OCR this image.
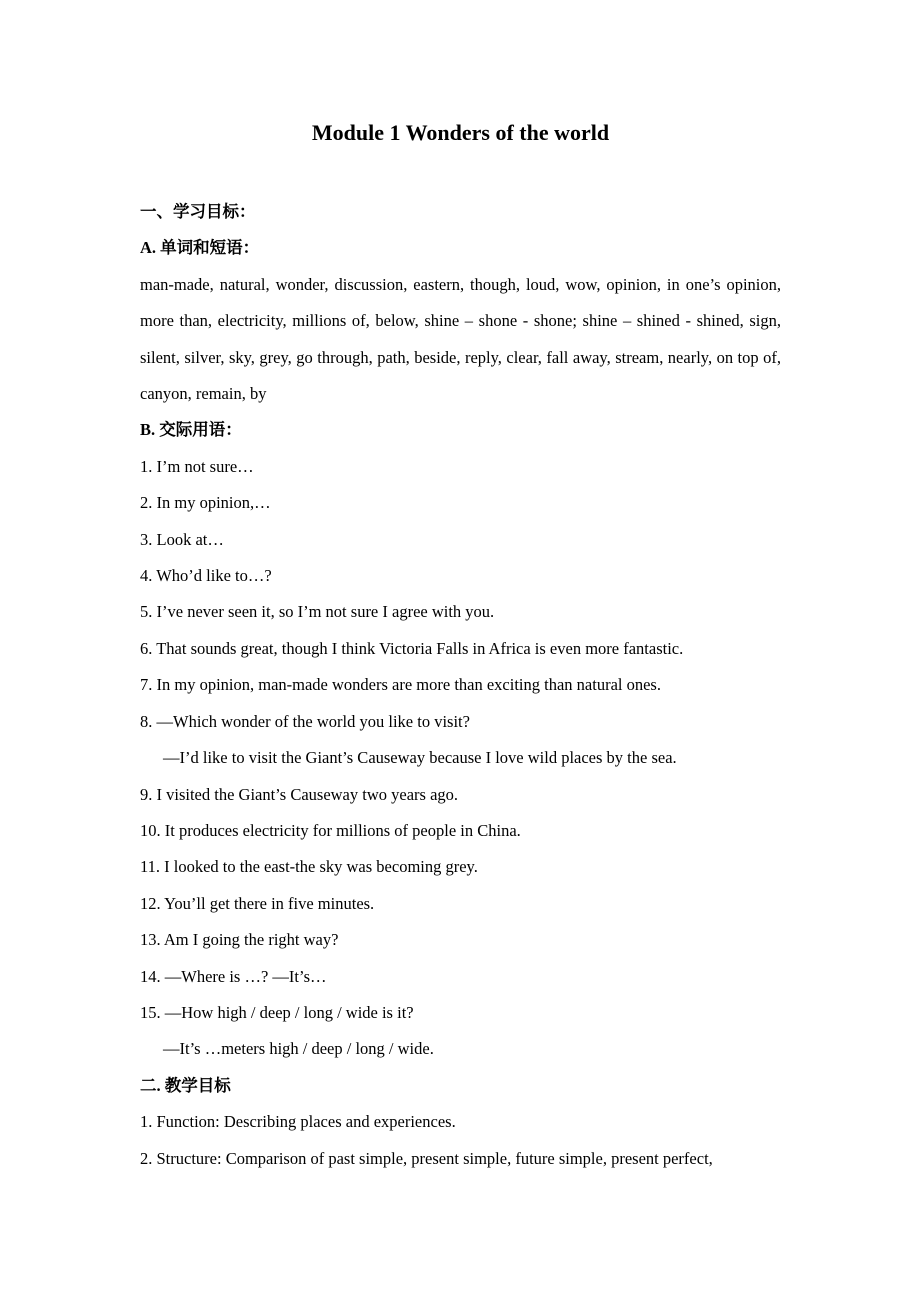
Module 1 Wonders of the world

一、学习目标：

A. 单词和短语：

man-made, natural, wonder, discussion, eastern, though, loud, wow, opinion, in one’s opinion, more than, electricity, millions of, below, shine – shone - shone; shine – shined - shined, sign, silent, silver, sky, grey, go through, path, beside, reply, clear, fall away, stream, nearly, on top of, canyon, remain, by

B. 交际用语：

1. I’m not sure…

2. In my opinion,…

3. Look at…

4. Who’d like to…?

5. I’ve never seen it, so I’m not sure I agree with you.

6. That sounds great, though I think Victoria Falls in Africa is even more fantastic.

7. In my opinion, man-made wonders are more than exciting than natural ones.

8. —Which wonder of the world you like to visit?

—I’d like to visit the Giant’s Causeway because I love wild places by the sea.

9. I visited the Giant’s Causeway two years ago.

10. It produces electricity for millions of people in China.

11. I looked to the east-the sky was becoming grey.

12. You’ll get there in five minutes.

13. Am I going the right way?

14. —Where is …? —It’s…

15. —How high / deep / long / wide is it?

—It’s …meters high / deep / long / wide.

二. 教学目标

1. Function: Describing places and experiences.

2. Structure: Comparison of past simple, present simple, future simple, present perfect,
